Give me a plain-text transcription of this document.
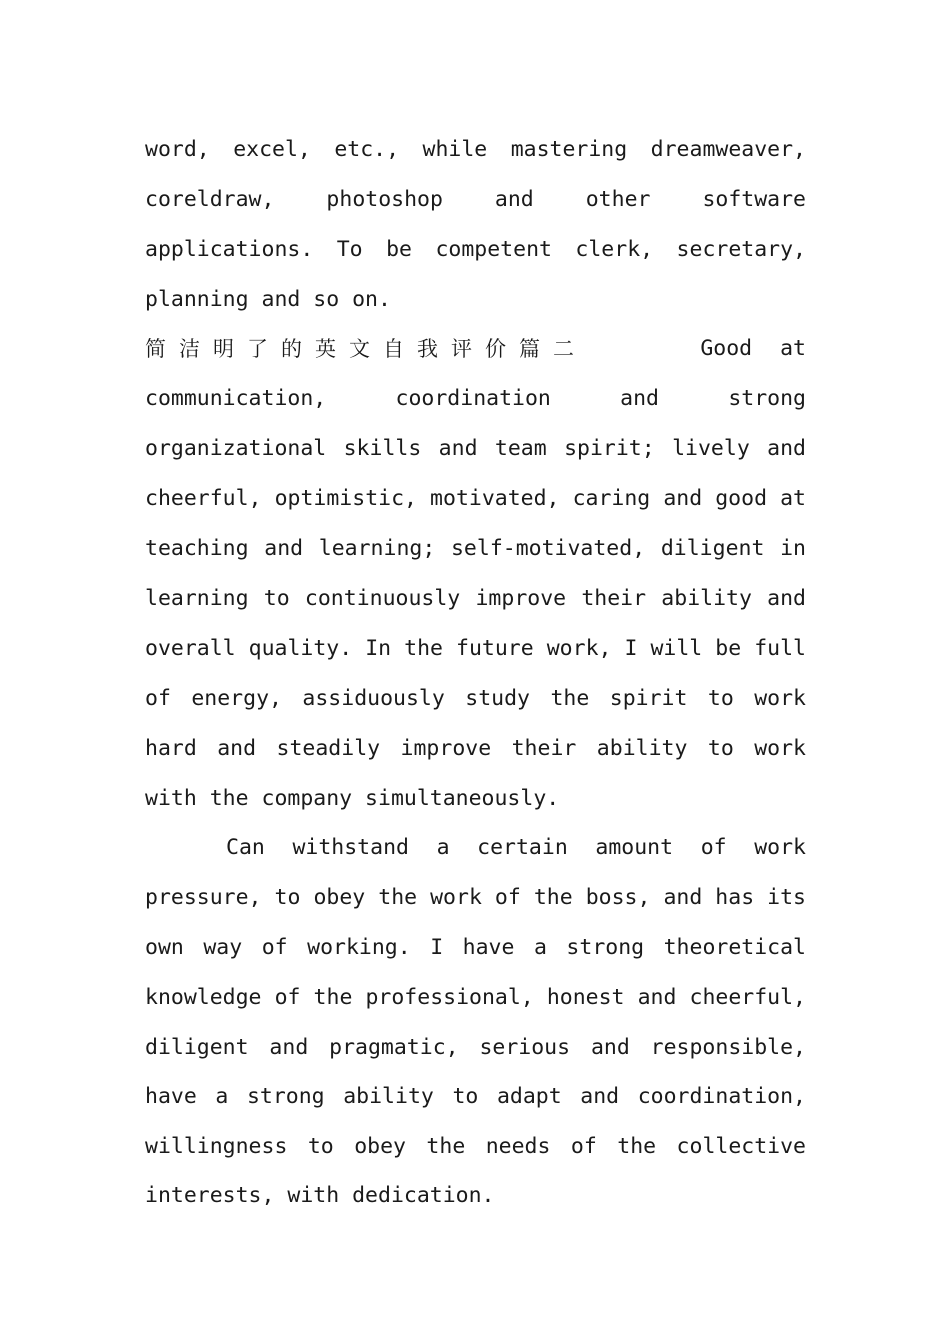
word, excel, etc., while mastering dreamweaver,
coreldraw, photoshop and other software
applications. To be competent clerk, secretary,
planning and so on.
简洁明了的英文自我评价篇二	Good at
communication, coordination and strong
organizational skills and team spirit; lively and
cheerful, optimistic, motivated, caring and good at
teaching and learning; self-motivated, diligent in
learning to continuously improve their ability and
overall quality. In the future work, I will be full
of energy, assiduously study the spirit to work
hard and steadily improve their ability to work
with the company simultaneously.
Can withstand a certain amount of work
pressure, to obey the work of the boss, and has its
own way of working. I have a strong theoretical
knowledge of the professional, honest and cheerful,
diligent and pragmatic, serious and responsible,
have a strong ability to adapt and coordination,
willingness to obey the needs of the collective
interests, with dedication.
